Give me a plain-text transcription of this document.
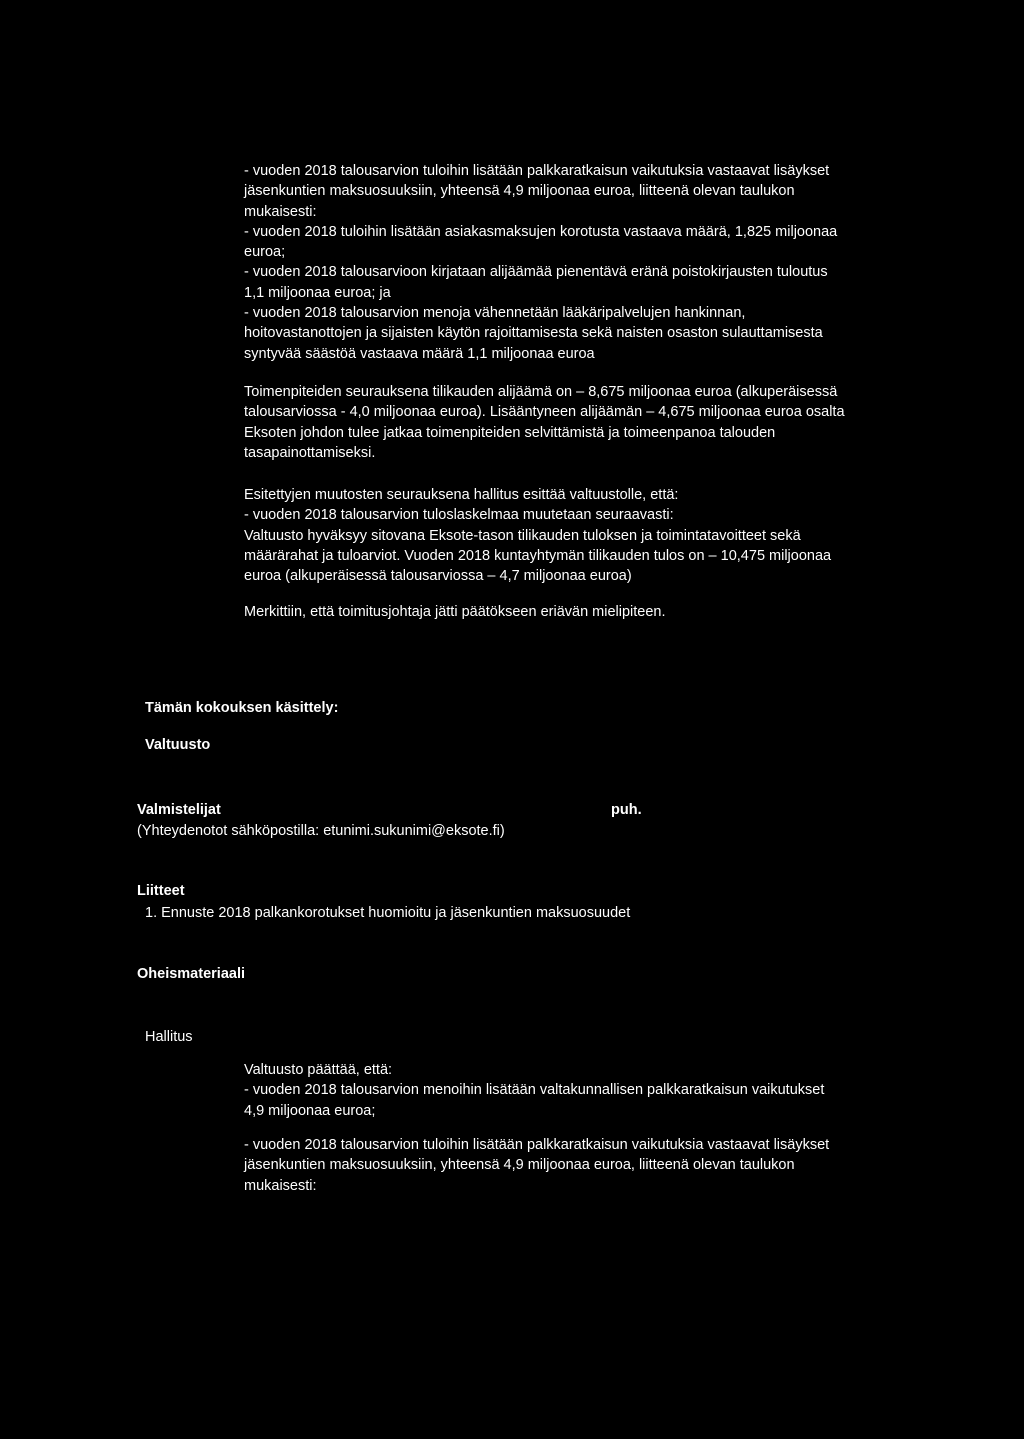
- vuoden 2018 talousarvion tuloihin lisätään palkkaratkaisun vaikutuksia vastaavat lisäykset
jäsenkuntien maksuosuuksiin, yhteensä 4,9 miljoonaa euroa, liitteenä olevan taulukon
mukaisesti:
- vuoden 2018 tuloihin lisätään asiakasmaksujen korotusta vastaava määrä, 1,825 miljoonaa
euroa;
- vuoden 2018 talousarvioon kirjataan alijäämää pienentävä eränä poistokirjausten tuloutus
1,1 miljoonaa euroa; ja
- vuoden 2018 talousarvion menoja vähennetään lääkäripalvelujen hankinnan,
hoitovastanottojen ja sijaisten käytön rajoittamisesta sekä naisten osaston sulauttamisesta
syntyvää säästöä vastaava määrä 1,1 miljoonaa euroa
Toimenpiteiden seurauksena tilikauden alijäämä on – 8,675 miljoonaa euroa (alkuperäisessä
talousarviossa - 4,0 miljoonaa euroa). Lisääntyneen alijäämän – 4,675 miljoonaa euroa osalta
Eksoten johdon tulee jatkaa toimenpiteiden selvittämistä ja toimeenpanoa talouden
tasapainottamiseksi.
Esitettyjen muutosten seurauksena hallitus esittää valtuustolle, että:
- vuoden 2018 talousarvion tuloslaskelmaa muutetaan seuraavasti:
Valtuusto hyväksyy sitovana Eksote-tason tilikauden tuloksen ja toimintatavoitteet sekä
määrärahat ja tuloarviot. Vuoden 2018 kuntayhtymän tilikauden tulos on – 10,475 miljoonaa
euroa (alkuperäisessä talousarviossa – 4,7 miljoonaa euroa)
Merkittiin, että toimitusjohtaja jätti päätökseen eriävän mielipiteen.
Tämän kokouksen käsittely:
Valtuusto
Valmistelijat	puh.
(Yhteydenotot sähköpostilla: etunimi.sukunimi@eksote.fi)
Liitteet
1. Ennuste 2018 palkankorotukset huomioitu ja jäsenkuntien maksuosuudet
Oheismateriaali
Hallitus
Valtuusto päättää, että:
- vuoden 2018 talousarvion menoihin lisätään valtakunnallisen palkkaratkaisun vaikutukset
4,9 miljoonaa euroa;
- vuoden 2018 talousarvion tuloihin lisätään palkkaratkaisun vaikutuksia vastaavat lisäykset
jäsenkuntien maksuosuuksiin, yhteensä 4,9 miljoonaa euroa, liitteenä olevan taulukon
mukaisesti:
